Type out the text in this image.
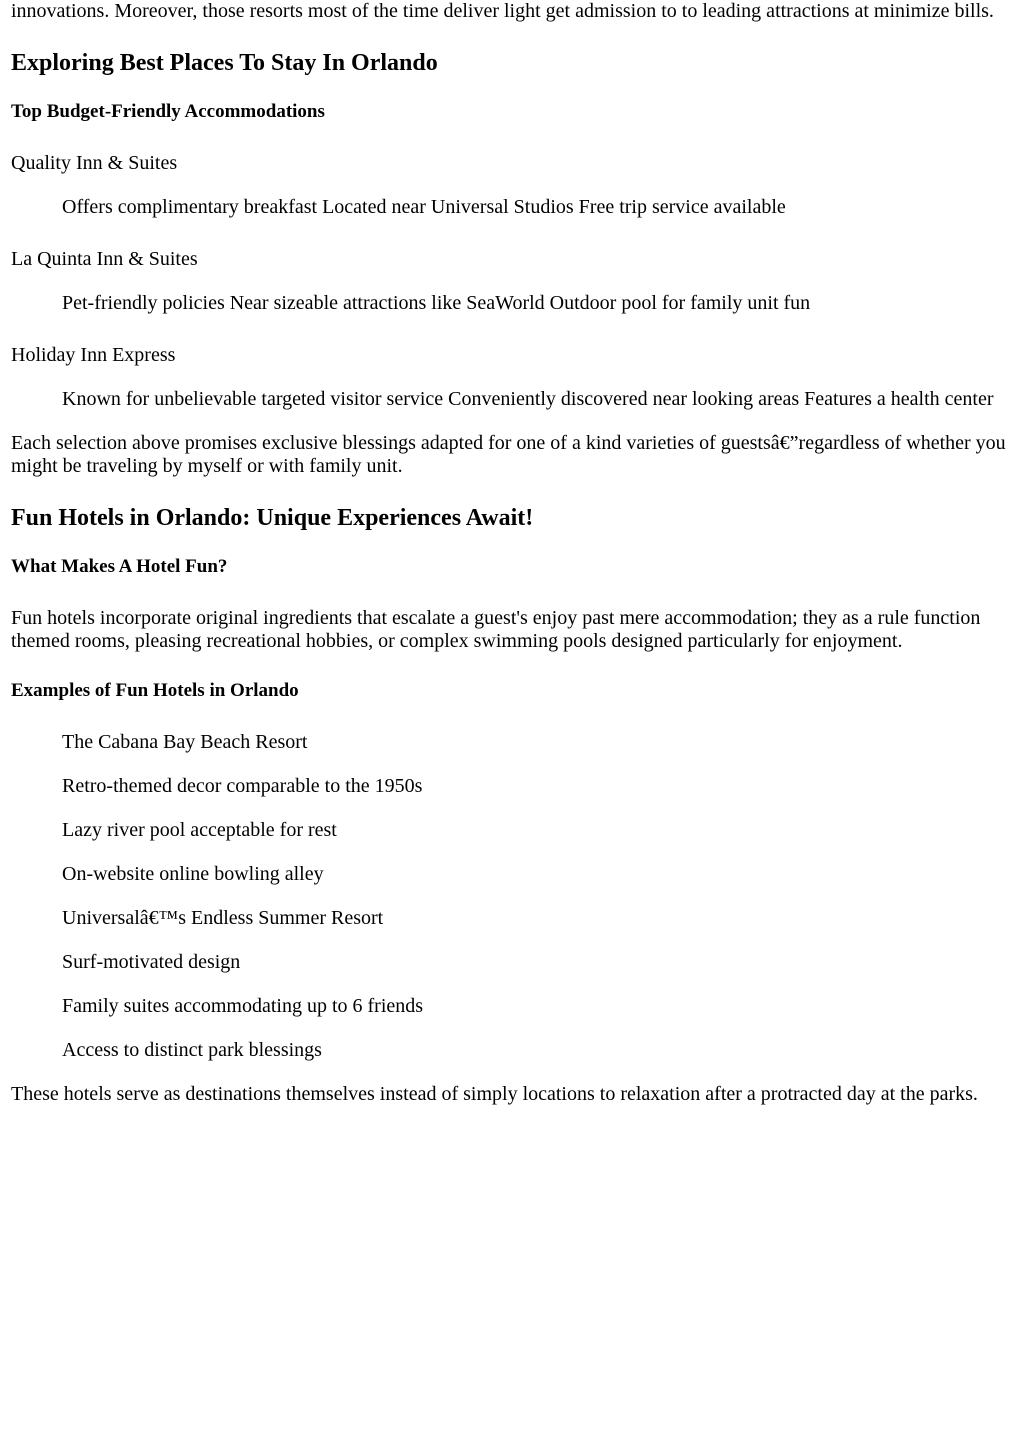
innovations. Moreover, those resorts most of the time deliver light get admission to to leading attractions at minimize bills.

Exploring Best Places To Stay In Orlando
Top Budget-Friendly Accommodations

Quality Inn & Suites

Offers complimentary breakfast Located near Universal Studios Free trip service available

La Quinta Inn & Suites

Pet-friendly policies Near sizeable attractions like SeaWorld Outdoor pool for family unit fun

Holiday Inn Express

Known for unbelievable targeted visitor service Conveniently discovered near looking areas Features a health center

Each selection above promises exclusive blessings adapted for one of a kind varieties of guestsâ€”regardless of whether you might be traveling by myself or with family unit.

Fun Hotels in Orlando: Unique Experiences Await!
What Makes A Hotel Fun?

Fun hotels incorporate original ingredients that escalate a guest's enjoy past mere accommodation; they as a rule function themed rooms, pleasing recreational hobbies, or complex swimming pools designed particularly for enjoyment.

Examples of Fun Hotels in Orlando

The Cabana Bay Beach Resort

Retro-themed decor comparable to the 1950s

Lazy river pool acceptable for rest

On-website online bowling alley

Universalâ€™s Endless Summer Resort

Surf-motivated design

Family suites accommodating up to 6 friends

Access to distinct park blessings

These hotels serve as destinations themselves instead of simply locations to relaxation after a protracted day at the parks.
